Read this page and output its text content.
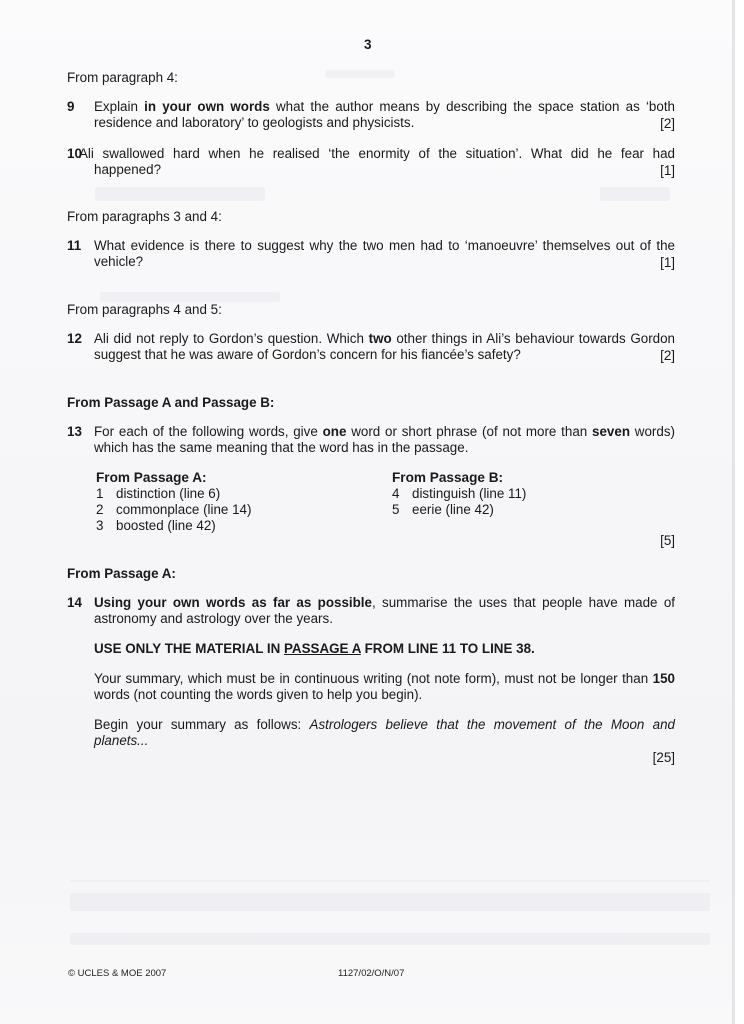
3
From paragraph 4:
9 Explain in your own words what the author means by describing the space station as ‘both
residence and laboratory’ to geologists and physicists.	[2]
10
Ali swallowed hard when he realised ‘the enormity of the situation’. What did he fear had
happened?	[1]
From paragraphs 3 and 4:
11 What evidence is there to suggest why the two men had to ‘manoeuvre’ themselves out of the
vehicle?	[1]
From paragraphs 4 and 5:
12 Ali did not reply to Gordon’s question. Which two other things in Ali’s behaviour towards Gordon
suggest that he was aware of Gordon’s concern for his fiancée’s safety?	[2]
From Passage A and Passage B:
13 For each of the following words, give one word or short phrase (of not more than seven words)
which has the same meaning that the word has in the passage.
From Passage A:
1 distinction (line 6)
2 commonplace (line 14)
3 boosted (line 42)
From Passage B:
4 distinguish (line 11)
5 eerie (line 42)
[5]
From Passage A:
14 Using your own words as far as possible, summarise the uses that people have made of
astronomy and astrology over the years.
USE ONLY THE MATERIAL IN PASSAGE A FROM LINE 11 TO LINE 38.
Your summary, which must be in continuous writing (not note form), must not be longer than 150
words (not counting the words given to help you begin).
Begin your summary as follows: Astrologers believe that the movement of the Moon and
planets...
[25]
© UCLES & MOE 2007	1127/02/O/N/07
